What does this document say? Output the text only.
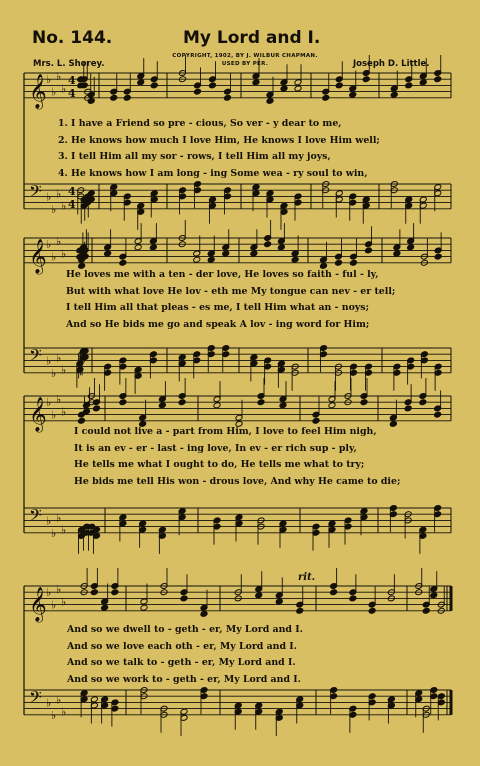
No. 144.	My Lord and I.
COPYRIGHT, 1902, BY J. WILBUR CHAPMAN.
USED BY PER.
Mrs. L. Shorey.	Joseph D. Little.
rit.
𝄞 ♭
♭
♭
♭
4
4
𝄢 ♭
♭
♭
♭
4
4
𝄞 ♭
♭
♭
♭
𝄢 ♭
♭
♭
♭
𝄞 ♭
♭
♭
♭
𝄢 ♭
♭
♭
♭
𝄞 ♭
♭
♭
♭
𝄢 ♭
♭
♭
♭
1. I have a Friend so pre - cious, So ver - y dear to me,
2. He knows how much I love Him, He knows I love Him well;
3. I tell Him all my sor - rows, I tell Him all my joys,
4. He knows how I am long - ing Some wea - ry soul to win,
He loves me with a ten - der love, He loves so faith - ful - ly,
But with what love He lov - eth me My tongue can nev - er tell;
I tell Him all that pleas - es me, I tell Him what an - noys;
And so He bids me go and speak A lov - ing word for Him;
I could not live a - part from Him, I love to feel Him nigh,
It is an ev - er - last - ing love, In ev - er rich sup - ply,
He tells me what I ought to do, He tells me what to try;
He bids me tell His won - drous love, And why He came to die;
And so we dwell to - geth - er, My Lord and I.
And so we love each oth - er, My Lord and I.
And so we talk to - geth - er, My Lord and I.
And so we work to - geth - er, My Lord and I.
